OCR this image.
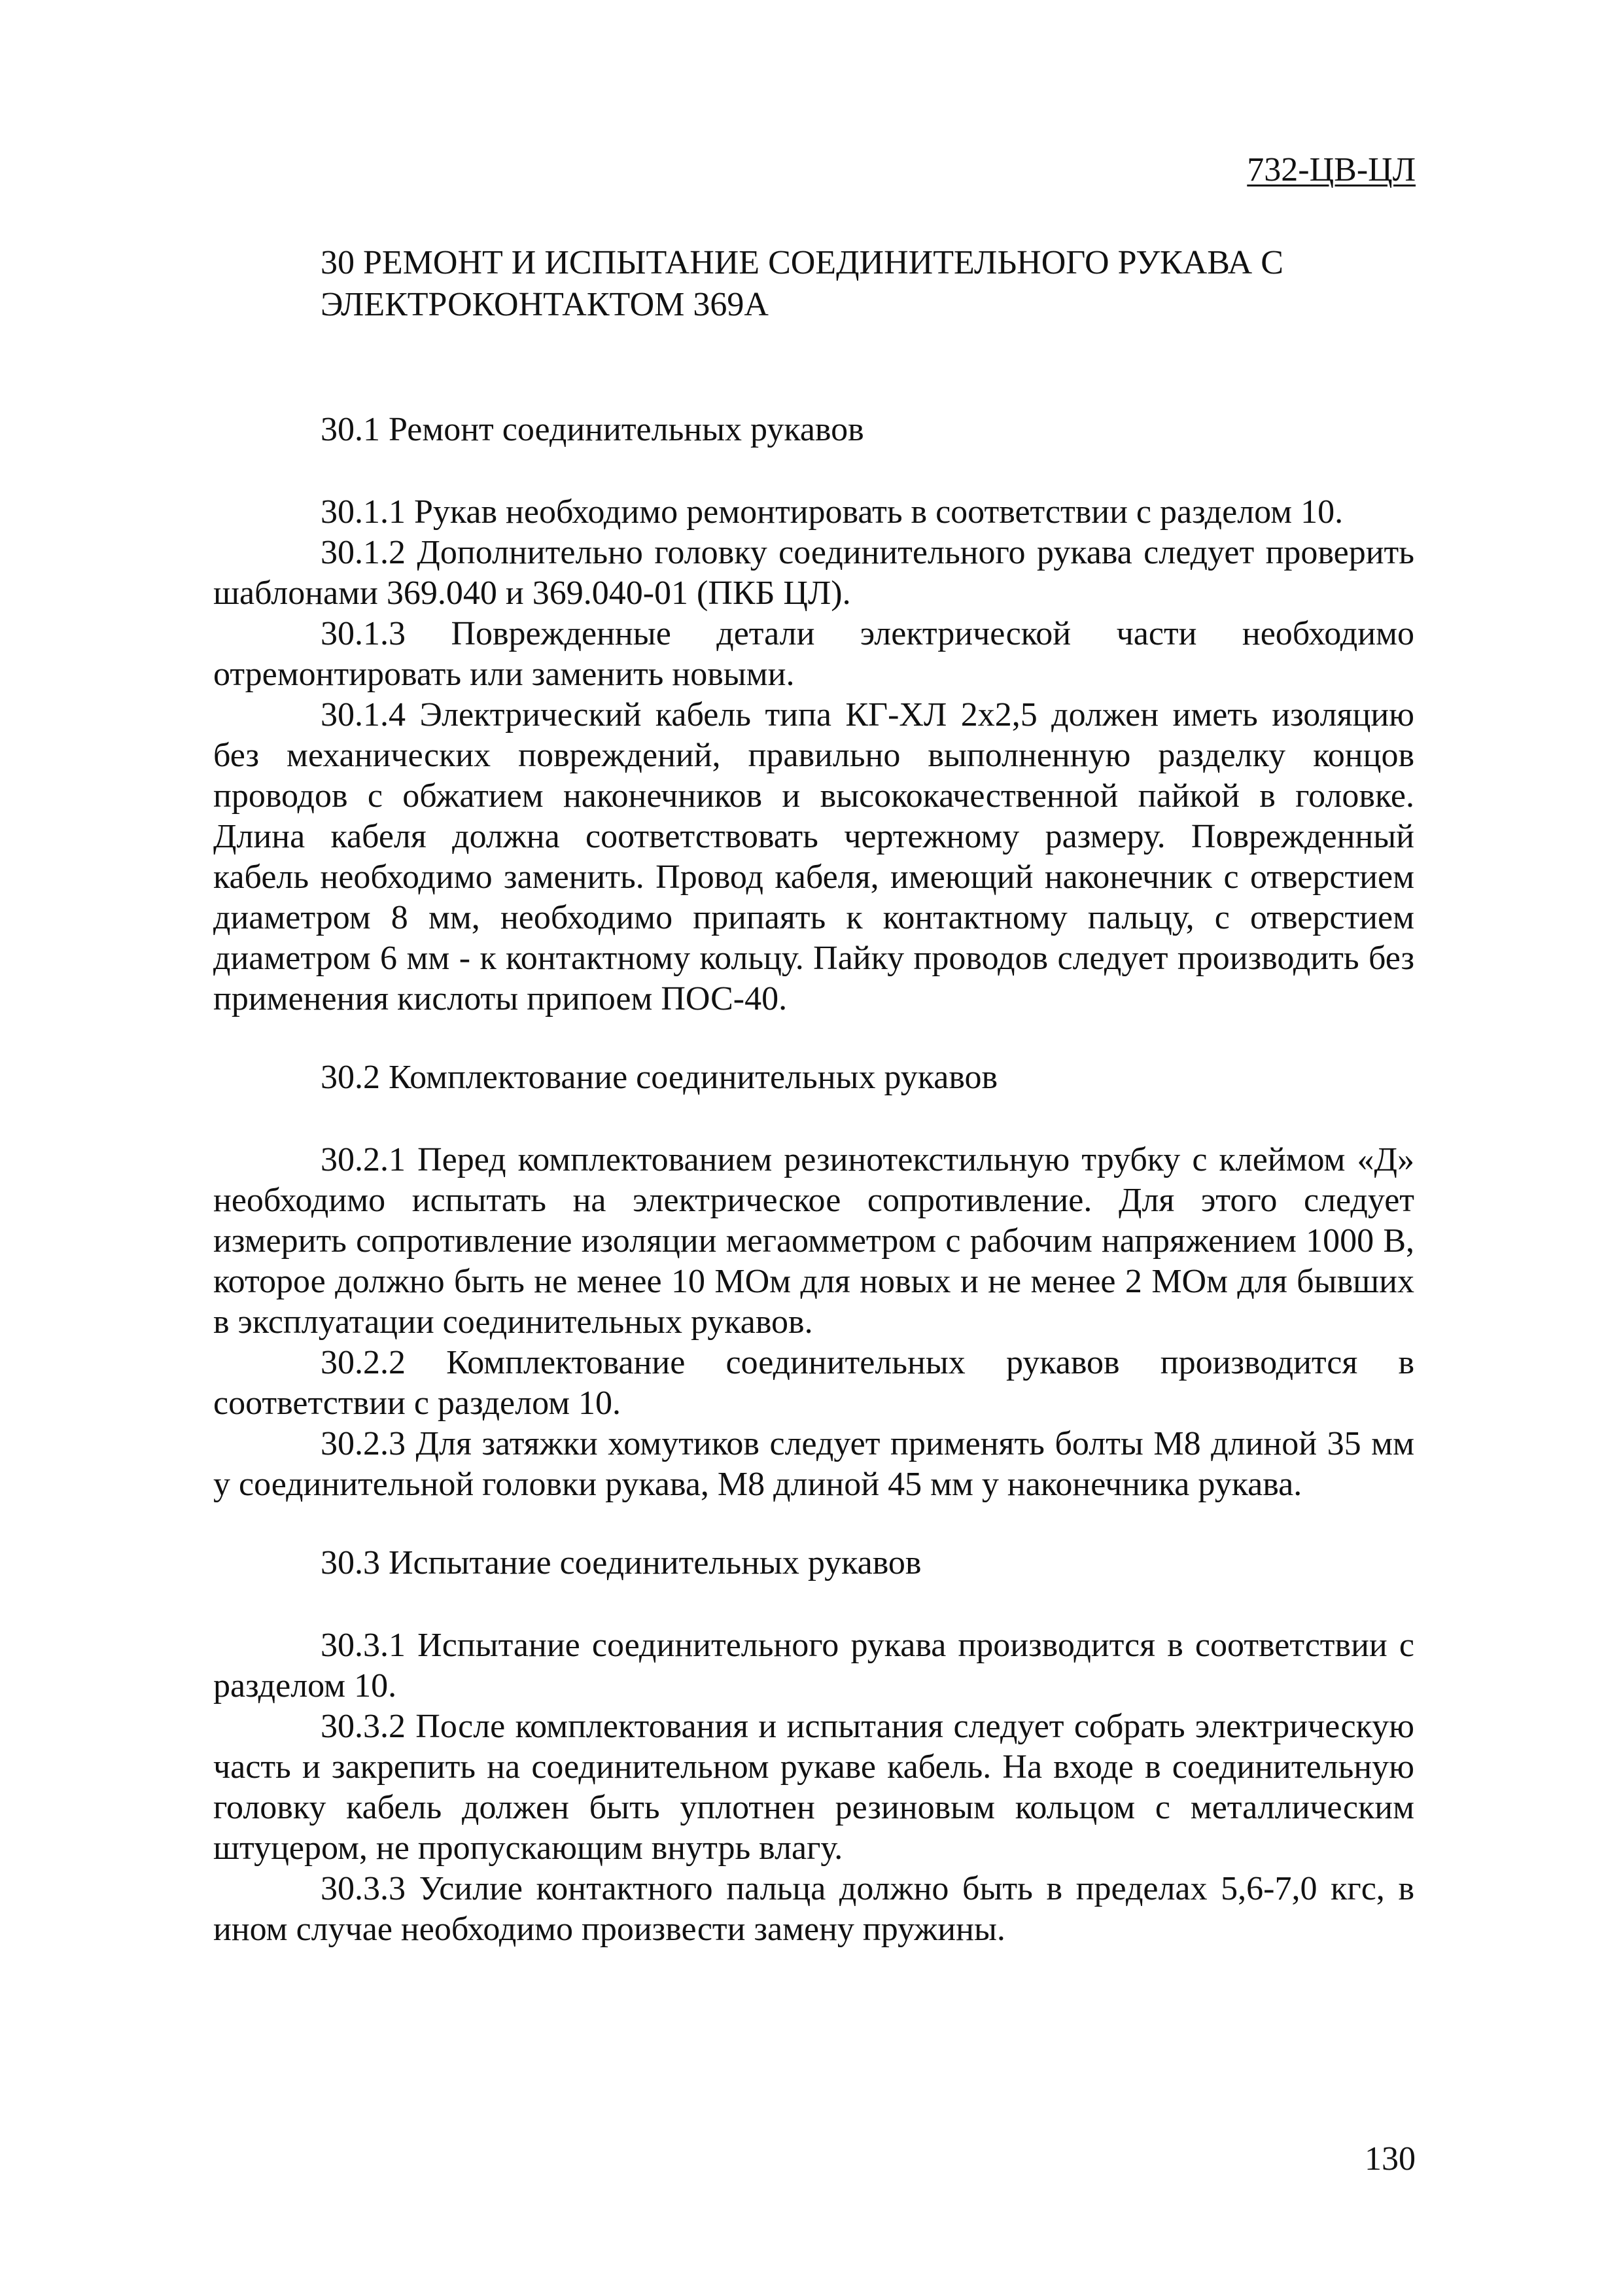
732-ЦВ-ЦЛ

30 РЕМОНТ И ИСПЫТАНИЕ СОЕДИНИТЕЛЬНОГО РУКАВА С

ЭЛЕКТРОКОНТАКТОМ 369А

30.1 Ремонт соединительных рукавов

30.1.1 Рукав необходимо ремонтировать в соответствии с разделом 10.

30.1.2 Дополнительно головку соединительного рукава следует проверить шаблонами 369.040 и 369.040-01 (ПКБ ЦЛ).

30.1.3 Поврежденные детали электрической части необходимо отремонтировать или заменить новыми.

30.1.4 Электрический кабель типа КГ-ХЛ 2х2,5 должен иметь изоляцию без механических повреждений, правильно выполненную разделку концов проводов с обжатием наконечников и высококачественной пайкой в головке. Длина кабеля должна соответствовать чертежному размеру. Поврежденный кабель необходимо заменить. Провод кабеля, имеющий наконечник с отверстием диаметром 8 мм, необходимо припаять к контактному пальцу, с отверстием диаметром 6 мм - к контактному кольцу. Пайку проводов следует производить без применения кислоты припоем ПОС-40.

30.2 Комплектование соединительных рукавов

30.2.1 Перед комплектованием резинотекстильную трубку с клеймом «Д» необходимо испытать на электрическое сопротивление. Для этого следует измерить сопротивление изоляции мегаомметром с рабочим напряжением 1000 В, которое должно быть не менее 10 МОм для новых и не менее 2 МОм для бывших в эксплуатации соединительных рукавов.

30.2.2 Комплектование соединительных рукавов производится в соответствии с разделом 10.

30.2.3 Для затяжки хомутиков следует применять болты М8 длиной 35 мм у соединительной головки рукава, М8 длиной 45 мм у наконечника рукава.

30.3 Испытание соединительных рукавов

30.3.1 Испытание соединительного рукава производится в соответствии с разделом 10.

30.3.2 После комплектования и испытания следует собрать электрическую часть и закрепить на соединительном рукаве кабель. На входе в соединительную головку кабель должен быть уплотнен резиновым кольцом с металлическим штуцером, не пропускающим внутрь влагу.

30.3.3 Усилие контактного пальца должно быть в пределах 5,6-7,0 кгс, в ином случае необходимо произвести замену пружины.

130
